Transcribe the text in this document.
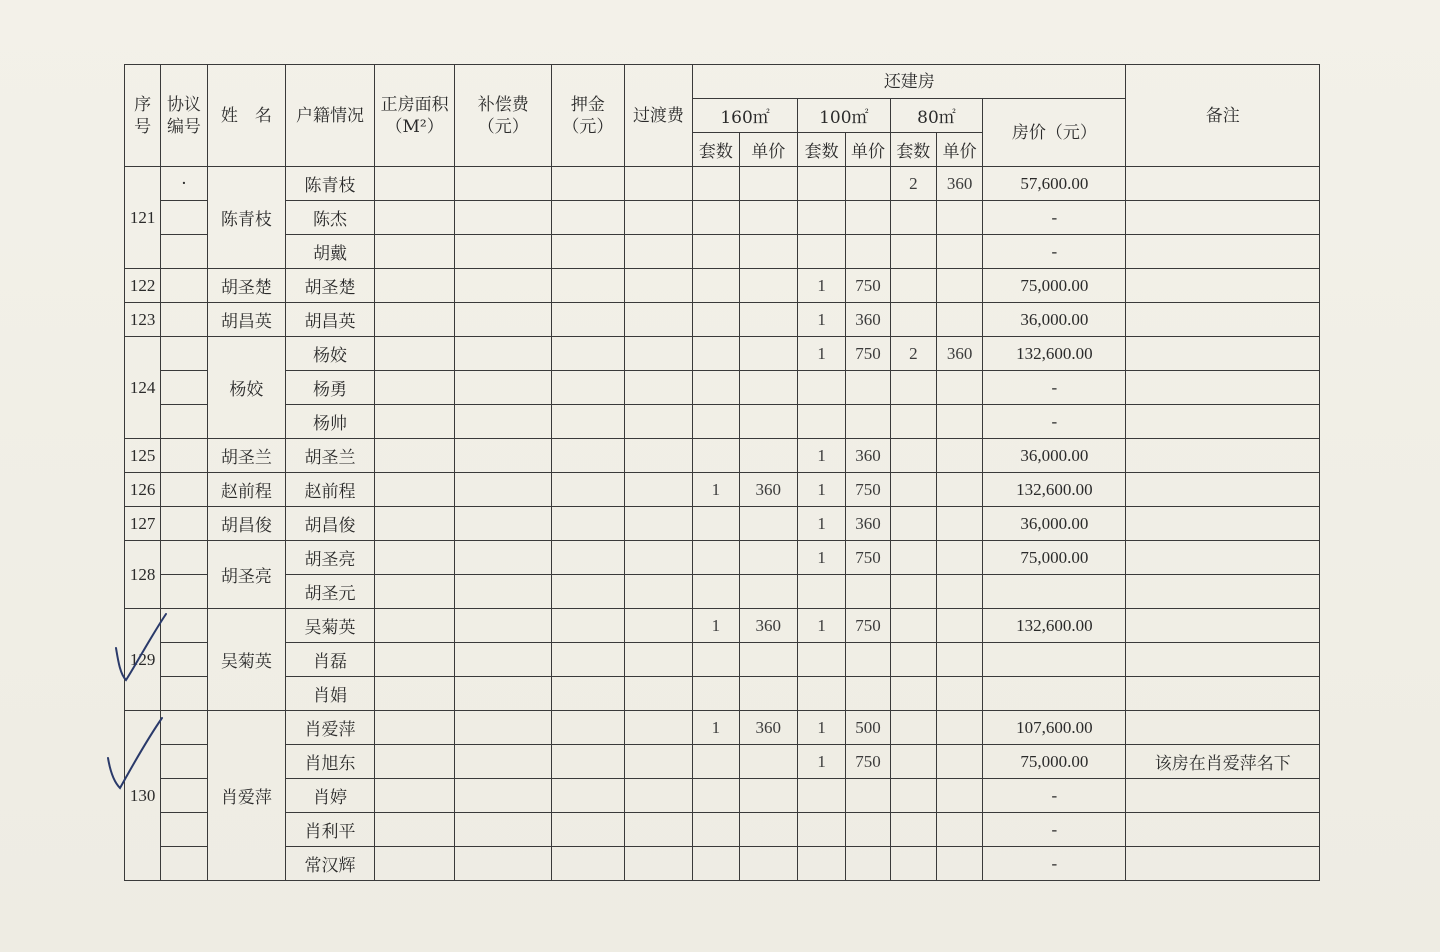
序号	协议编号	姓　名	户籍情况	正房面积（M²）	补偿费（元）	押金（元）	过渡费	还建房							备注
								160㎡		100㎡		80㎡		房价（元）	
								套数	单价	套数	单价	套数	单价		
121	·	陈青枝	陈青枝									2	360	57,600.00	
			陈杰											-	
			胡戴											-	
122		胡圣楚	胡圣楚							1	750			75,000.00	
123		胡昌英	胡昌英							1	360			36,000.00	
124		杨姣	杨姣							1	750	2	360	132,600.00	
			杨勇											-	
			杨帅											-	
125		胡圣兰	胡圣兰							1	360			36,000.00	
126		赵前程	赵前程					1	360	1	750			132,600.00	
127		胡昌俊	胡昌俊							1	360			36,000.00	
128		胡圣亮	胡圣亮							1	750			75,000.00	
			胡圣元												
129		吴菊英	吴菊英					1	360	1	750			132,600.00	
			肖磊												
			肖娟												
130		肖爱萍	肖爱萍					1	360	1	500			107,600.00	
			肖旭东							1	750			75,000.00	该房在肖爱萍名下
			肖婷											-	
			肖利平											-	
			常汉辉											-	
